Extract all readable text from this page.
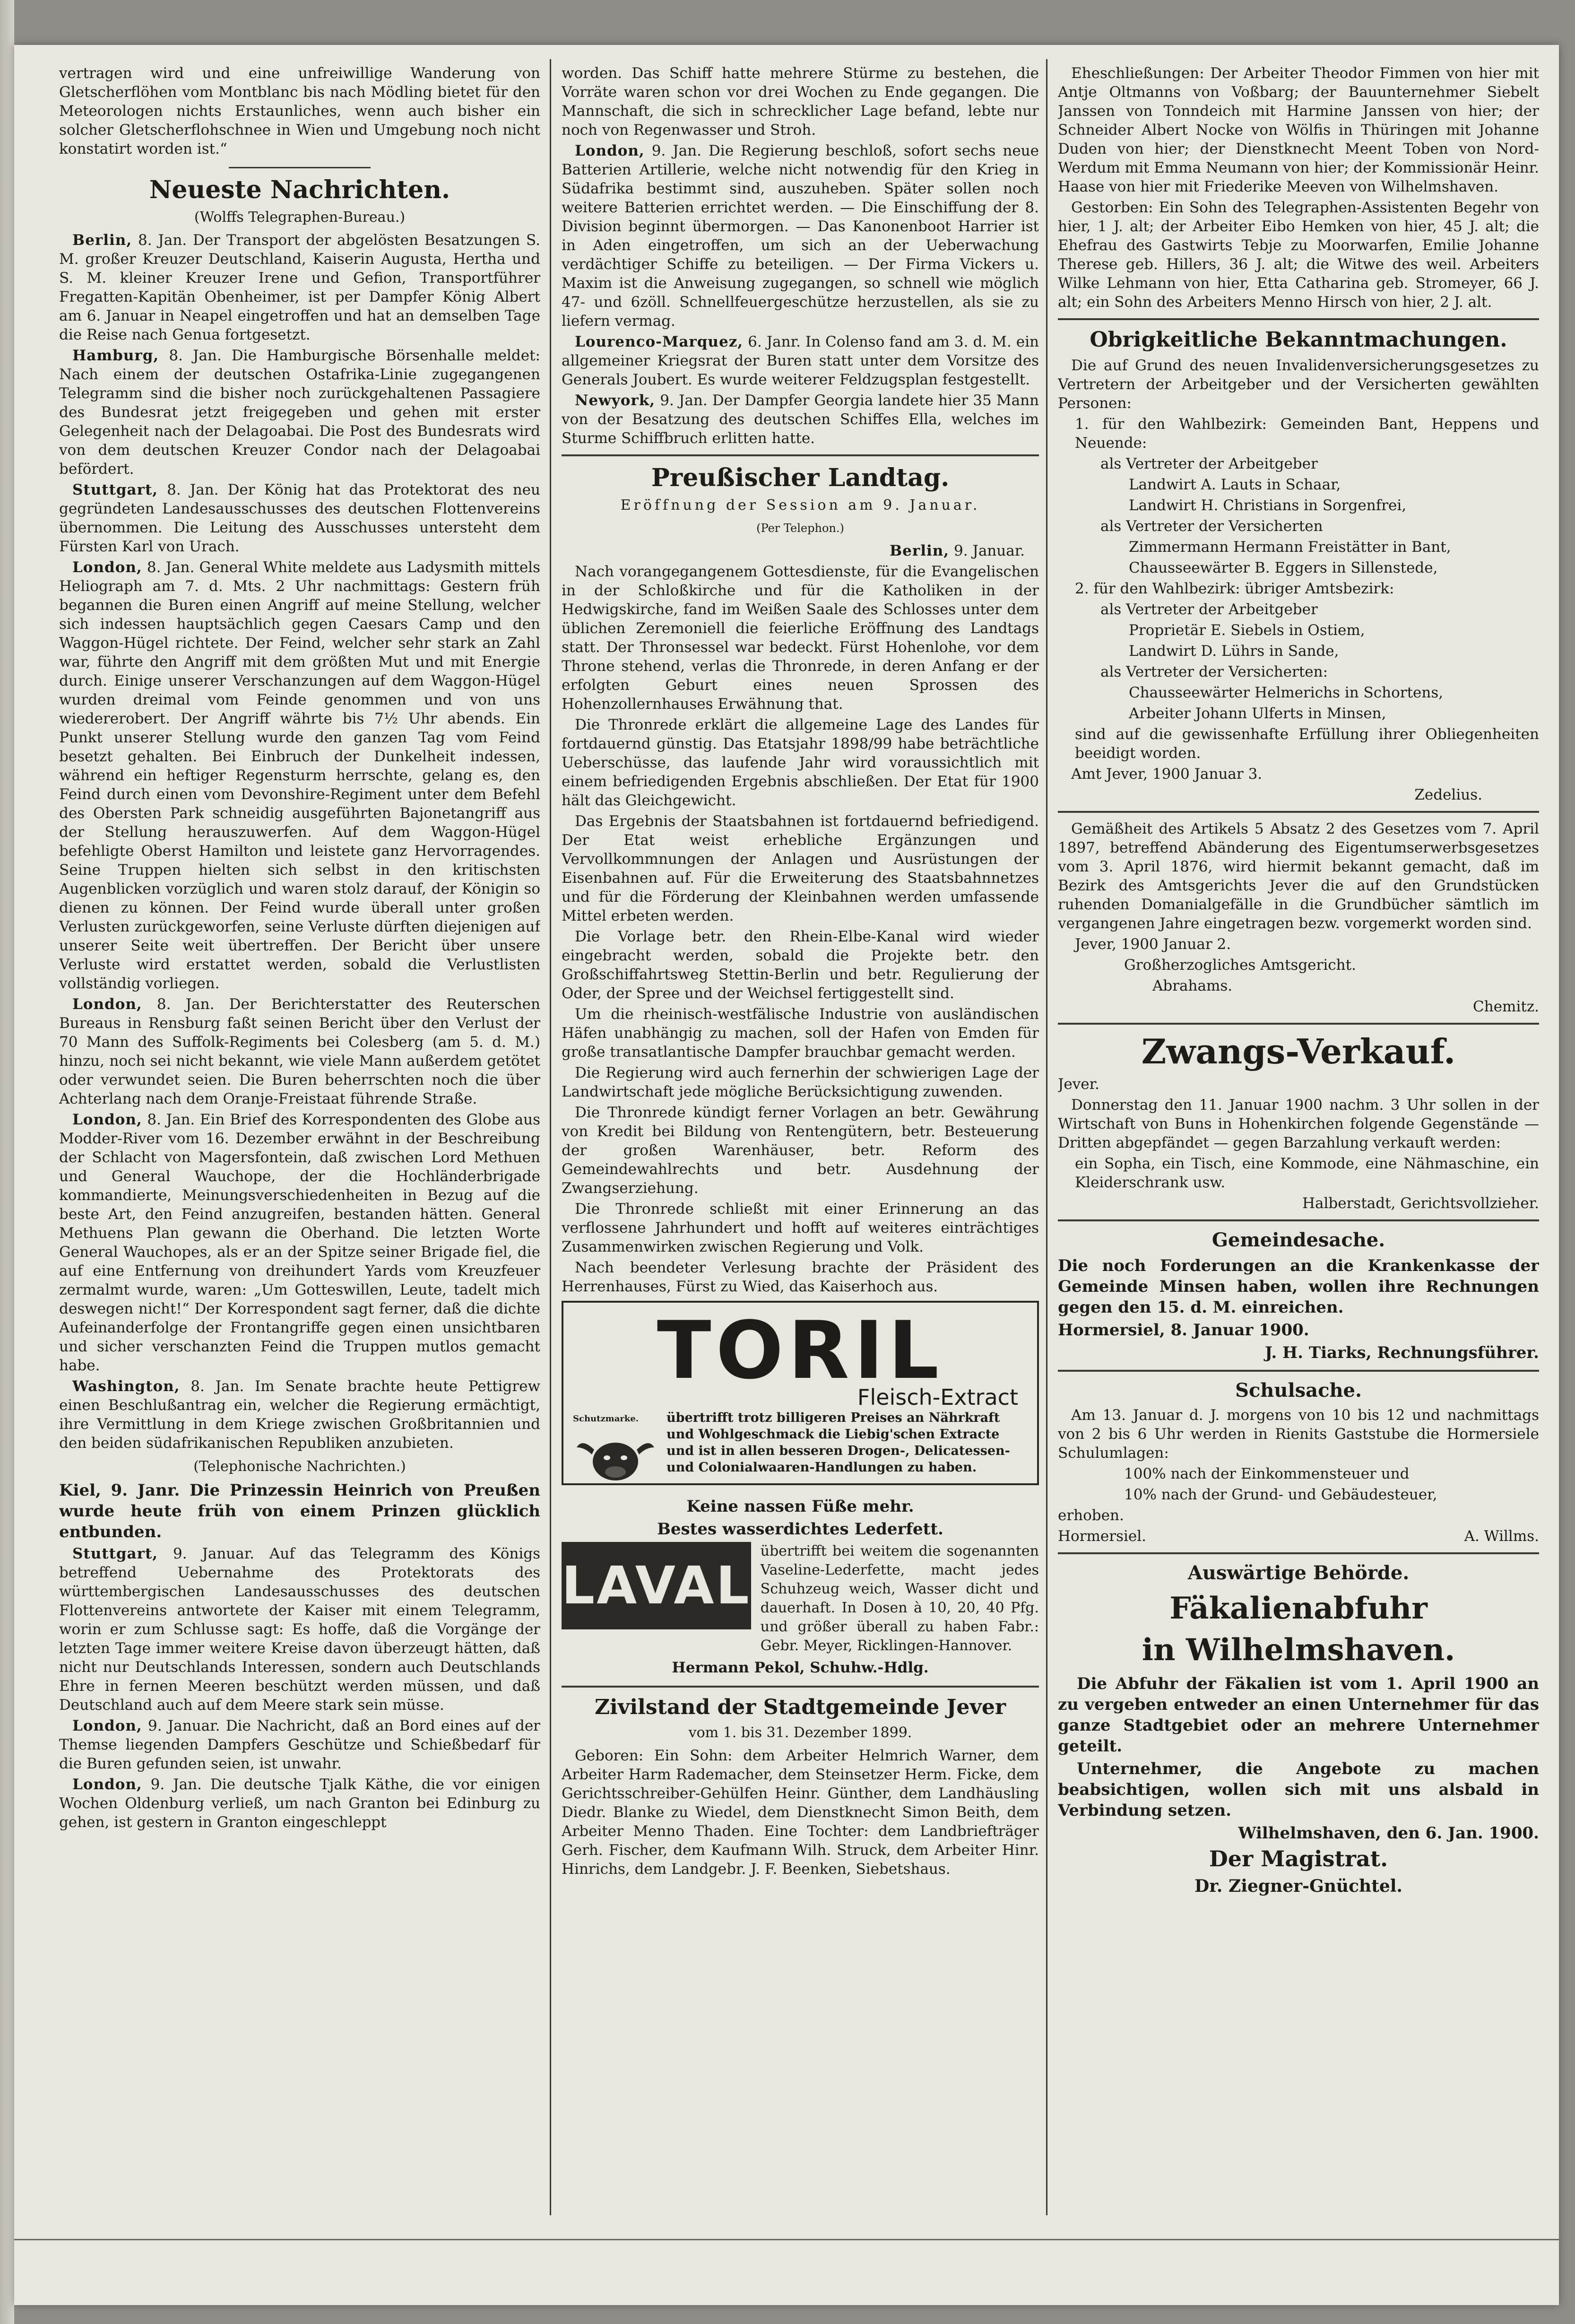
vertragen wird und eine unfreiwillige Wanderung von Gletscherflöhen vom Montblanc bis nach Mödling bietet für den Meteorologen nichts Erstaunliches, wenn auch bisher ein solcher Gletscherflohschnee in Wien und Umgebung noch nicht konstatirt worden ist.“

Neueste Nachrichten.
(Wolffs Telegraphen-Bureau.)

Berlin, 8. Jan. Der Transport der abgelösten Besatzungen S. M. großer Kreuzer Deutschland, Kaiserin Augusta, Hertha und S. M. kleiner Kreuzer Irene und Gefion, Transportführer Fregatten-Kapitän Obenheimer, ist per Dampfer König Albert am 6. Januar in Neapel eingetroffen und hat an demselben Tage die Reise nach Genua fortgesetzt.

Hamburg, 8. Jan. Die Hamburgische Börsenhalle meldet: Nach einem der deutschen Ostafrika-Linie zugegangenen Telegramm sind die bisher noch zurückgehaltenen Passagiere des Bundesrat jetzt freigegeben und gehen mit erster Gelegenheit nach der Delagoabai. Die Post des Bundesrats wird von dem deutschen Kreuzer Condor nach der Delagoabai befördert.

Stuttgart, 8. Jan. Der König hat das Protektorat des neu gegründeten Landesausschusses des deutschen Flottenvereins übernommen. Die Leitung des Ausschusses untersteht dem Fürsten Karl von Urach.

London, 8. Jan. General White meldete aus Ladysmith mittels Heliograph am 7. d. Mts. 2 Uhr nachmittags: Gestern früh begannen die Buren einen Angriff auf meine Stellung, welcher sich indessen hauptsächlich gegen Caesars Camp und den Waggon-Hügel richtete. Der Feind, welcher sehr stark an Zahl war, führte den Angriff mit dem größten Mut und mit Energie durch. Einige unserer Verschanzungen auf dem Waggon-Hügel wurden dreimal vom Feinde genommen und von uns wiedererobert. Der Angriff währte bis 7½ Uhr abends. Ein Punkt unserer Stellung wurde den ganzen Tag vom Feind besetzt gehalten. Bei Einbruch der Dunkelheit indessen, während ein heftiger Regensturm herrschte, gelang es, den Feind durch einen vom Devonshire-Regiment unter dem Befehl des Obersten Park schneidig ausgeführten Bajonetangriff aus der Stellung herauszuwerfen. Auf dem Waggon-Hügel befehligte Oberst Hamilton und leistete ganz Hervorragendes. Seine Truppen hielten sich selbst in den kritischsten Augenblicken vorzüglich und waren stolz darauf, der Königin so dienen zu können. Der Feind wurde überall unter großen Verlusten zurückgeworfen, seine Verluste dürften diejenigen auf unserer Seite weit übertreffen. Der Bericht über unsere Verluste wird erstattet werden, sobald die Verlustlisten vollständig vorliegen.

London, 8. Jan. Der Berichterstatter des Reuterschen Bureaus in Rensburg faßt seinen Bericht über den Verlust der 70 Mann des Suffolk-Regiments bei Colesberg (am 5. d. M.) hinzu, noch sei nicht bekannt, wie viele Mann außerdem getötet oder verwundet seien. Die Buren beherrschten noch die über Achterlang nach dem Oranje-Freistaat führende Straße.

London, 8. Jan. Ein Brief des Korrespondenten des Globe aus Modder-River vom 16. Dezember erwähnt in der Beschreibung der Schlacht von Magersfontein, daß zwischen Lord Methuen und General Wauchope, der die Hochländerbrigade kommandierte, Meinungsverschiedenheiten in Bezug auf die beste Art, den Feind anzugreifen, bestanden hätten. General Methuens Plan gewann die Oberhand. Die letzten Worte General Wauchopes, als er an der Spitze seiner Brigade fiel, die auf eine Entfernung von dreihundert Yards vom Kreuzfeuer zermalmt wurde, waren: „Um Gotteswillen, Leute, tadelt mich deswegen nicht!“ Der Korrespondent sagt ferner, daß die dichte Aufeinanderfolge der Frontangriffe gegen einen unsichtbaren und sicher verschanzten Feind die Truppen mutlos gemacht habe.

Washington, 8. Jan. Im Senate brachte heute Pettigrew einen Beschlußantrag ein, welcher die Regierung ermächtigt, ihre Vermittlung in dem Kriege zwischen Großbritannien und den beiden südafrikanischen Republiken anzubieten.

(Telephonische Nachrichten.)

Kiel, 9. Janr. Die Prinzessin Heinrich von Preußen wurde heute früh von einem Prinzen glücklich entbunden.

Stuttgart, 9. Januar. Auf das Telegramm des Königs betreffend Uebernahme des Protektorats des württembergischen Landesausschusses des deutschen Flottenvereins antwortete der Kaiser mit einem Telegramm, worin er zum Schlusse sagt: Es hoffe, daß die Vorgänge der letzten Tage immer weitere Kreise davon überzeugt hätten, daß nicht nur Deutschlands Interessen, sondern auch Deutschlands Ehre in fernen Meeren beschützt werden müssen, und daß Deutschland auch auf dem Meere stark sein müsse.

London, 9. Januar. Die Nachricht, daß an Bord eines auf der Themse liegenden Dampfers Geschütze und Schießbedarf für die Buren gefunden seien, ist unwahr.

London, 9. Jan. Die deutsche Tjalk Käthe, die vor einigen Wochen Oldenburg verließ, um nach Granton bei Edinburg zu gehen, ist gestern in Granton eingeschleppt

worden. Das Schiff hatte mehrere Stürme zu bestehen, die Vorräte waren schon vor drei Wochen zu Ende gegangen. Die Mannschaft, die sich in schrecklicher Lage befand, lebte nur noch von Regenwasser und Stroh.

London, 9. Jan. Die Regierung beschloß, sofort sechs neue Batterien Artillerie, welche nicht notwendig für den Krieg in Südafrika bestimmt sind, auszuheben. Später sollen noch weitere Batterien errichtet werden. — Die Einschiffung der 8. Division beginnt übermorgen. — Das Kanonenboot Harrier ist in Aden eingetroffen, um sich an der Ueberwachung verdächtiger Schiffe zu beteiligen. — Der Firma Vickers u. Maxim ist die Anweisung zugegangen, so schnell wie möglich 47- und 6zöll. Schnellfeuergeschütze herzustellen, als sie zu liefern vermag.

Lourenco-Marquez, 6. Janr. In Colenso fand am 3. d. M. ein allgemeiner Kriegsrat der Buren statt unter dem Vorsitze des Generals Joubert. Es wurde weiterer Feldzugsplan festgestellt.

Newyork, 9. Jan. Der Dampfer Georgia landete hier 35 Mann von der Besatzung des deutschen Schiffes Ella, welches im Sturme Schiffbruch erlitten hatte.

Preußischer Landtag.
Eröffnung der Session am 9. Januar.
(Per Telephon.)

Berlin, 9. Januar.

Nach vorangegangenem Gottesdienste, für die Evangelischen in der Schloßkirche und für die Katholiken in der Hedwigskirche, fand im Weißen Saale des Schlosses unter dem üblichen Zeremoniell die feierliche Eröffnung des Landtags statt. Der Thronsessel war bedeckt. Fürst Hohenlohe, vor dem Throne stehend, verlas die Thronrede, in deren Anfang er der erfolgten Geburt eines neuen Sprossen des Hohenzollernhauses Erwähnung that.

Die Thronrede erklärt die allgemeine Lage des Landes für fortdauernd günstig. Das Etatsjahr 1898/99 habe beträchtliche Ueberschüsse, das laufende Jahr wird voraussichtlich mit einem befriedigenden Ergebnis abschließen. Der Etat für 1900 hält das Gleichgewicht.

Das Ergebnis der Staatsbahnen ist fortdauernd befriedigend. Der Etat weist erhebliche Ergänzungen und Vervollkommnungen der Anlagen und Ausrüstungen der Eisenbahnen auf. Für die Erweiterung des Staatsbahnnetzes und für die Förderung der Kleinbahnen werden umfassende Mittel erbeten werden.

Die Vorlage betr. den Rhein-Elbe-Kanal wird wieder eingebracht werden, sobald die Projekte betr. den Großschiffahrtsweg Stettin-Berlin und betr. Regulierung der Oder, der Spree und der Weichsel fertiggestellt sind.

Um die rheinisch-westfälische Industrie von ausländischen Häfen unabhängig zu machen, soll der Hafen von Emden für große transatlantische Dampfer brauchbar gemacht werden.

Die Regierung wird auch fernerhin der schwierigen Lage der Landwirtschaft jede mögliche Berücksichtigung zuwenden.

Die Thronrede kündigt ferner Vorlagen an betr. Gewährung von Kredit bei Bildung von Rentengütern, betr. Besteuerung der großen Warenhäuser, betr. Reform des Gemeindewahlrechts und betr. Ausdehnung der Zwangserziehung.

Die Thronrede schließt mit einer Erinnerung an das verflossene Jahrhundert und hofft auf weiteres einträchtiges Zusammenwirken zwischen Regierung und Volk.

Nach beendeter Verlesung brachte der Präsident des Herrenhauses, Fürst zu Wied, das Kaiserhoch aus.

TORIL
Fleisch-Extract
Schutzmarke.	übertrifft trotz billigeren Preises an Nährkraft und Wohlgeschmack die Liebig'schen Extracte und ist in allen besseren Drogen-, Delicatessen- und Colonialwaaren-Handlungen zu haben.
Keine nassen Füße mehr.
Bestes wasserdichtes Lederfett.
LAVAL
übertrifft bei weitem die sogenannten Vaseline-Lederfette, macht jedes Schuhzeug weich, Wasser dicht und dauerhaft. In Dosen à 10, 20, 40 Pfg. und größer überall zu haben Fabr.: Gebr. Meyer, Ricklingen-Hannover.
Hermann Pekol, Schuhw.-Hdlg.
Zivilstand der Stadtgemeinde Jever
vom 1. bis 31. Dezember 1899.

Geboren: Ein Sohn: dem Arbeiter Helmrich Warner, dem Arbeiter Harm Rademacher, dem Steinsetzer Herm. Ficke, dem Gerichtsschreiber-Gehülfen Heinr. Günther, dem Landhäusling Diedr. Blanke zu Wiedel, dem Dienstknecht Simon Beith, dem Arbeiter Menno Thaden. Eine Tochter: dem Landbriefträger Gerh. Fischer, dem Kaufmann Wilh. Struck, dem Arbeiter Hinr. Hinrichs, dem Landgebr. J. F. Beenken, Siebetshaus.

Eheschließungen: Der Arbeiter Theodor Fimmen von hier mit Antje Oltmanns von Voßbarg; der Bauunternehmer Siebelt Janssen von Tonndeich mit Harmine Janssen von hier; der Schneider Albert Nocke von Wölfis in Thüringen mit Johanne Duden von hier; der Dienstknecht Meent Toben von Nord-Werdum mit Emma Neumann von hier; der Kommissionär Heinr. Haase von hier mit Friederike Meeven von Wilhelmshaven.

Gestorben: Ein Sohn des Telegraphen-Assistenten Begehr von hier, 1 J. alt; der Arbeiter Eibo Hemken von hier, 45 J. alt; die Ehefrau des Gastwirts Tebje zu Moorwarfen, Emilie Johanne Therese geb. Hillers, 36 J. alt; die Witwe des weil. Arbeiters Wilke Lehmann von hier, Etta Catharina geb. Stromeyer, 66 J. alt; ein Sohn des Arbeiters Menno Hirsch von hier, 2 J. alt.

Obrigkeitliche Bekanntmachungen.

Die auf Grund des neuen Invalidenversicherungsgesetzes zu Vertretern der Arbeitgeber und der Versicherten gewählten Personen:

1. für den Wahlbezirk: Gemeinden Bant, Heppens und Neuende:

als Vertreter der Arbeitgeber

Landwirt A. Lauts in Schaar,

Landwirt H. Christians in Sorgenfrei,

als Vertreter der Versicherten

Zimmermann Hermann Freistätter in Bant,

Chausseewärter B. Eggers in Sillenstede,

2. für den Wahlbezirk: übriger Amtsbezirk:

als Vertreter der Arbeitgeber

Proprietär E. Siebels in Ostiem,

Landwirt D. Lührs in Sande,

als Vertreter der Versicherten:

Chausseewärter Helmerichs in Schortens,

Arbeiter Johann Ulferts in Minsen,

sind auf die gewissenhafte Erfüllung ihrer Obliegenheiten beeidigt worden.

Amt Jever, 1900 Januar 3.

Zedelius.

Gemäßheit des Artikels 5 Absatz 2 des Gesetzes vom 7. April 1897, betreffend Abänderung des Eigentumserwerbsgesetzes vom 3. April 1876, wird hiermit bekannt gemacht, daß im Bezirk des Amtsgerichts Jever die auf den Grundstücken ruhenden Domanialgefälle in die Grundbücher sämtlich im vergangenen Jahre eingetragen bezw. vorgemerkt worden sind.

Jever, 1900 Januar 2.

Großherzogliches Amtsgericht.

Abrahams.

Chemitz.

Zwangs-Verkauf.

Jever.

Donnerstag den 11. Januar 1900 nachm. 3 Uhr sollen in der Wirtschaft von Buns in Hohenkirchen folgende Gegenstände — Dritten abgepfändet — gegen Barzahlung verkauft werden:

ein Sopha, ein Tisch, eine Kommode, eine Nähmaschine, ein Kleiderschrank usw.

Halberstadt, Gerichtsvollzieher.

Gemeindesache.

Die noch Forderungen an die Krankenkasse der Gemeinde Minsen haben, wollen ihre Rechnungen gegen den 15. d. M. einreichen.

Hormersiel, 8. Januar 1900.

J. H. Tiarks, Rechnungsführer.

Schulsache.

Am 13. Januar d. J. morgens von 10 bis 12 und nachmittags von 2 bis 6 Uhr werden in Rienits Gaststube die Hormersiele Schulumlagen:

100% nach der Einkommensteuer und

10% nach der Grund- und Gebäudesteuer,

erhoben.

Hormersiel.	A. Willms.

Auswärtige Behörde.
Fäkalienabfuhr
in Wilhelmshaven.

Die Abfuhr der Fäkalien ist vom 1. April 1900 an zu vergeben entweder an einen Unternehmer für das ganze Stadtgebiet oder an mehrere Unternehmer geteilt.

Unternehmer, die Angebote zu machen beabsichtigen, wollen sich mit uns alsbald in Verbindung setzen.

Wilhelmshaven, den 6. Jan. 1900.

Der Magistrat.
Dr. Ziegner-Gnüchtel.
